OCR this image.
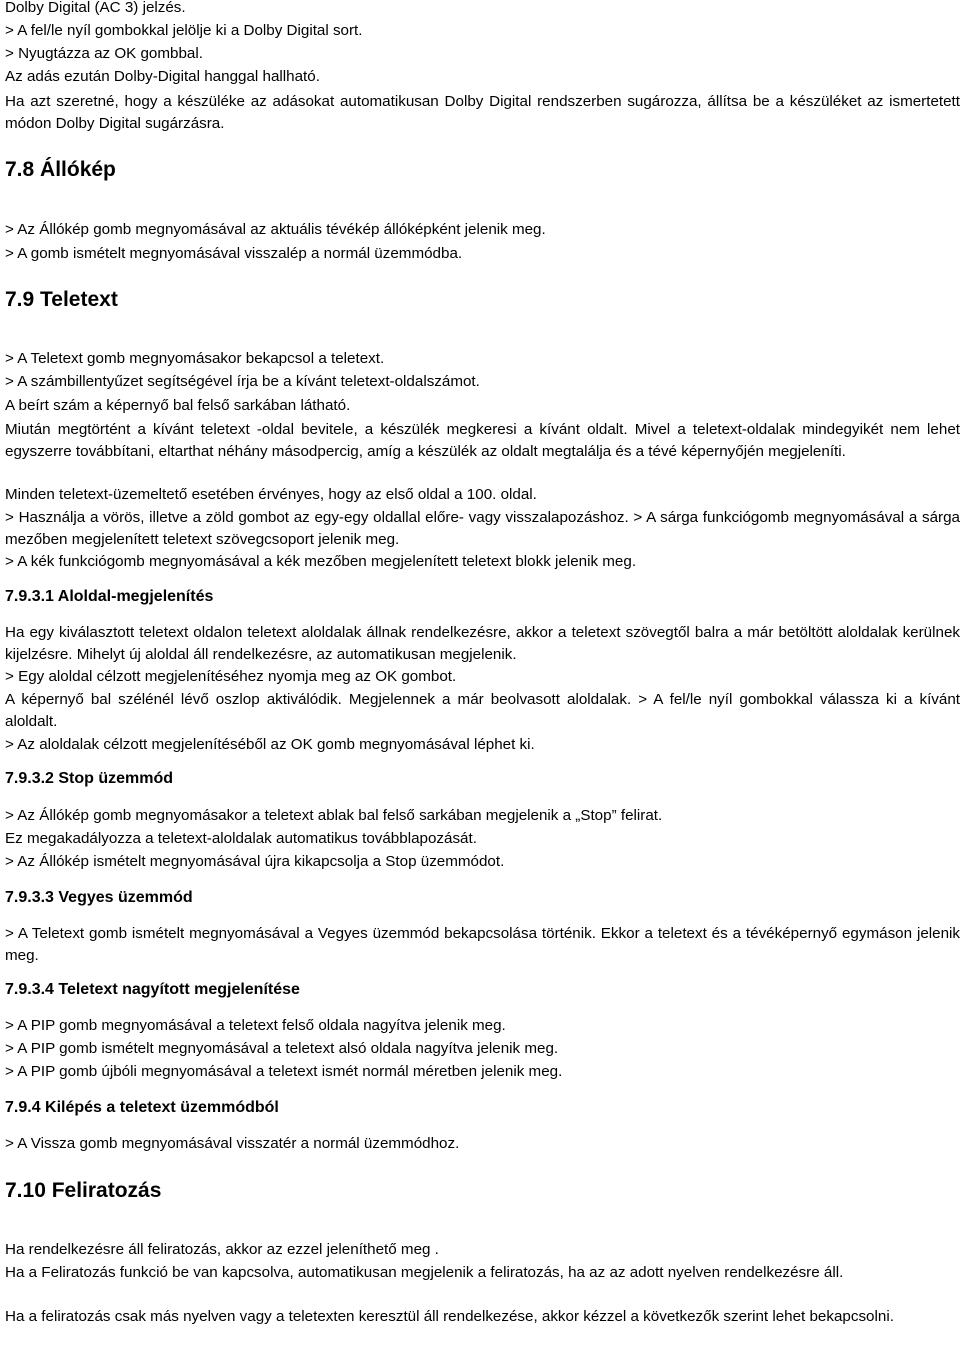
Dolby Digital (AC 3) jelzés.
> A fel/le nyíl gombokkal jelölje ki a Dolby Digital sort.
> Nyugtázza az OK gombbal.
Az adás ezután Dolby-Digital hanggal hallható.
Ha azt szeretné, hogy a készüléke az adásokat automatikusan Dolby Digital rendszerben sugározza, állítsa be a készüléket az ismertetett módon Dolby Digital sugárzásra.
7.8 Állókép
> Az Állókép gomb megnyomásával az aktuális tévékép állóképként jelenik meg.
> A gomb ismételt megnyomásával visszalép a normál üzemmódba.
7.9 Teletext
> A Teletext gomb megnyomásakor bekapcsol a teletext.
> A számbillentyűzet segítségével írja be a kívánt teletext-oldalszámot.
A beírt szám a képernyő bal felső sarkában látható.
Miután megtörtént a kívánt teletext -oldal bevitele, a készülék megkeresi a kívánt oldalt. Mivel a teletext-oldalak mindegyikét nem lehet egyszerre továbbítani, eltarthat néhány másodpercig, amíg a készülék az oldalt megtalálja és a tévé képernyőjén megjeleníti.
Minden teletext-üzemeltető esetében érvényes, hogy az első oldal a 100. oldal.
> Használja a vörös, illetve a zöld gombot az egy-egy oldallal előre- vagy visszalapozáshoz. > A sárga funkciógomb megnyomásával a sárga mezőben megjelenített teletext szövegcsoport jelenik meg.
> A kék funkciógomb megnyomásával a kék mezőben megjelenített teletext blokk jelenik meg.
7.9.3.1 Aloldal-megjelenítés
Ha egy kiválasztott teletext oldalon teletext aloldalak állnak rendelkezésre, akkor a teletext szövegtől balra a már betöltött aloldalak kerülnek kijelzésre. Mihelyt új aloldal áll rendelkezésre, az automatikusan megjelenik.
> Egy aloldal célzott megjelenítéséhez nyomja meg az OK gombot.
A képernyő bal szélénél lévő oszlop aktiválódik. Megjelennek a már beolvasott aloldalak. > A fel/le nyíl gombokkal válassza ki a kívánt aloldalt.
> Az aloldalak célzott megjelenítéséből az OK gomb megnyomásával léphet ki.
7.9.3.2 Stop üzemmód
> Az Állókép gomb megnyomásakor a teletext ablak bal felső sarkában megjelenik a „Stop” felirat.
Ez megakadályozza a teletext-aloldalak automatikus továbblapozását.
> Az Állókép ismételt megnyomásával újra kikapcsolja a Stop üzemmódot.
7.9.3.3 Vegyes üzemmód
> A Teletext gomb ismételt megnyomásával a Vegyes üzemmód bekapcsolása történik. Ekkor a teletext és a tévéképernyő egymáson jelenik meg.
7.9.3.4 Teletext nagyított megjelenítése
> A PIP gomb megnyomásával a teletext felső oldala nagyítva jelenik meg.
> A PIP gomb ismételt megnyomásával a teletext alsó oldala nagyítva jelenik meg.
> A PIP gomb újbóli megnyomásával a teletext ismét normál méretben jelenik meg.
7.9.4 Kilépés a teletext üzemmódból
> A Vissza gomb megnyomásával visszatér a normál üzemmódhoz.
7.10 Feliratozás
Ha rendelkezésre áll feliratozás, akkor az ezzel jeleníthető meg .
Ha a Feliratozás funkció be van kapcsolva, automatikusan megjelenik a feliratozás, ha az az adott nyelven rendelkezésre áll.
Ha a feliratozás csak más nyelven vagy a teletexten keresztül áll rendelkezése, akkor kézzel a következők szerint lehet bekapcsolni.
